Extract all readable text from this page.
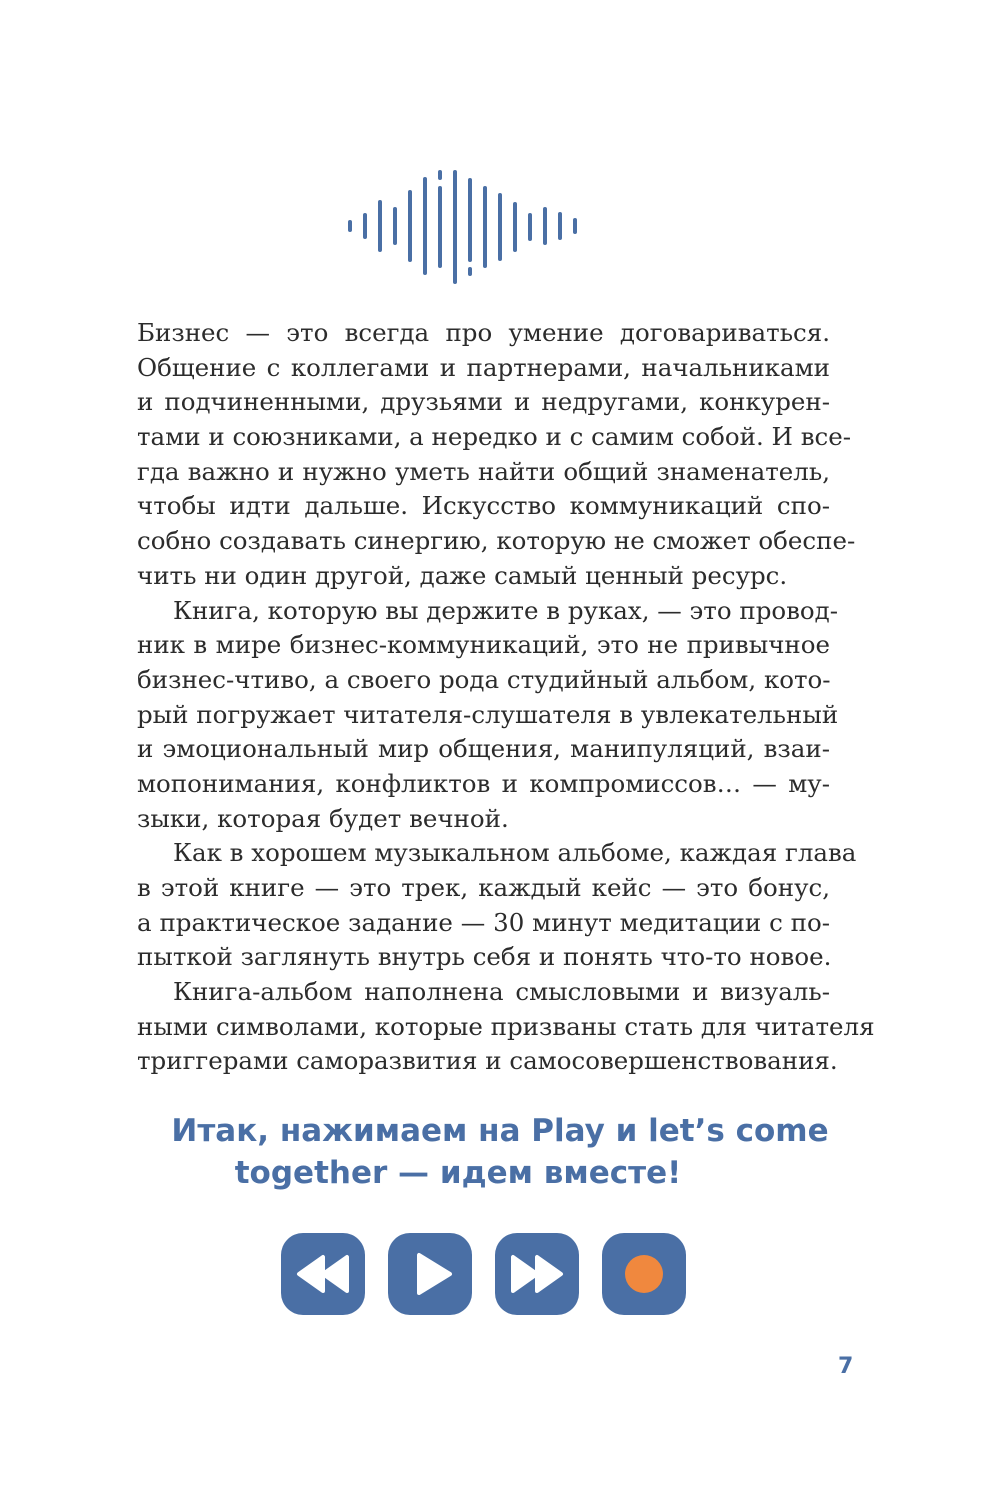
Бизнес — это всегда про умение договариваться.
Общение с коллегами и партнерами, начальниками
и подчиненными, друзьями и недругами, конкурен-
тами и союзниками, а нередко и с самим собой. И все-
гда важно и нужно уметь найти общий знаменатель,
чтобы идти дальше. Искусство коммуникаций спо-
собно создавать синергию, которую не сможет обеспе-
чить ни один другой, даже самый ценный ресурс.
Книга, которую вы держите в руках, — это провод-
ник в мире бизнес-коммуникаций, это не привычное
бизнес-чтиво, а своего рода студийный альбом, кото-
рый погружает читателя-слушателя в увлекательный
и эмоциональный мир общения, манипуляций, взаи-
мопонимания, конфликтов и компромиссов… — му-
зыки, которая будет вечной.
Как в хорошем музыкальном альбоме, каждая глава
в этой книге — это трек, каждый кейс — это бонус,
а практическое задание — 30 минут медитации с по-
пыткой заглянуть внутрь себя и понять что-то новое.
Книга-альбом наполнена смысловыми и визуаль-
ными символами, которые призваны стать для читателя
триггерами саморазвития и самосовершенствования.
Итак, нажимаем на Play и let’s come
together — идем вместе!
7
